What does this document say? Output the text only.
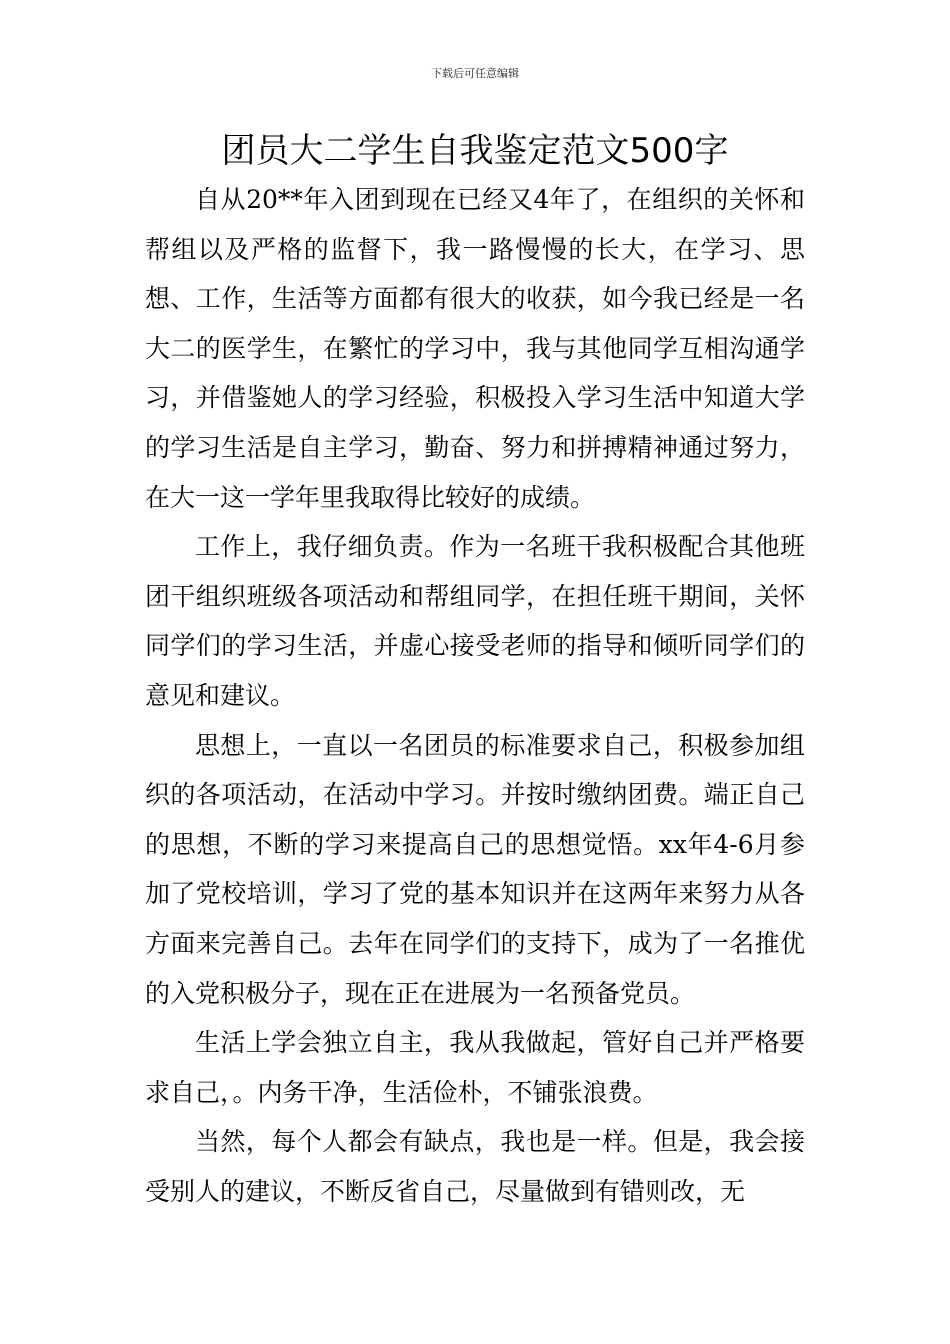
下载后可任意编辑
团员大二学生自我鉴定范文500字

自从20**年入团到现在已经又4年了，在组织的关怀和帮组以及严格的监督下，我一路慢慢的长大，在学习、思想、工作，生活等方面都有很大的收获，如今我已经是一名大二的医学生，在繁忙的学习中，我与其他同学互相沟通学习，并借鉴她人的学习经验，积极投入学习生活中知道大学的学习生活是自主学习，勤奋、努力和拼搏精神通过努力，在大一这一学年里我取得比较好的成绩。

工作上，我仔细负责。作为一名班干我积极配合其他班团干组织班级各项活动和帮组同学，在担任班干期间，关怀同学们的学习生活，并虚心接受老师的指导和倾听同学们的意见和建议。

思想上，一直以一名团员的标准要求自己，积极参加组织的各项活动，在活动中学习。并按时缴纳团费。端正自己的思想，不断的学习来提高自己的思想觉悟。xx年4-6月参加了党校培训，学习了党的基本知识并在这两年来努力从各方面来完善自己。去年在同学们的支持下，成为了一名推优的入党积极分子，现在正在进展为一名预备党员。

生活上学会独立自主，我从我做起，管好自己并严格要求自己，。内务干净，生活俭朴，不铺张浪费。

当然，每个人都会有缺点，我也是一样。但是，我会接受别人的建议，不断反省自己，尽量做到有错则改，无
